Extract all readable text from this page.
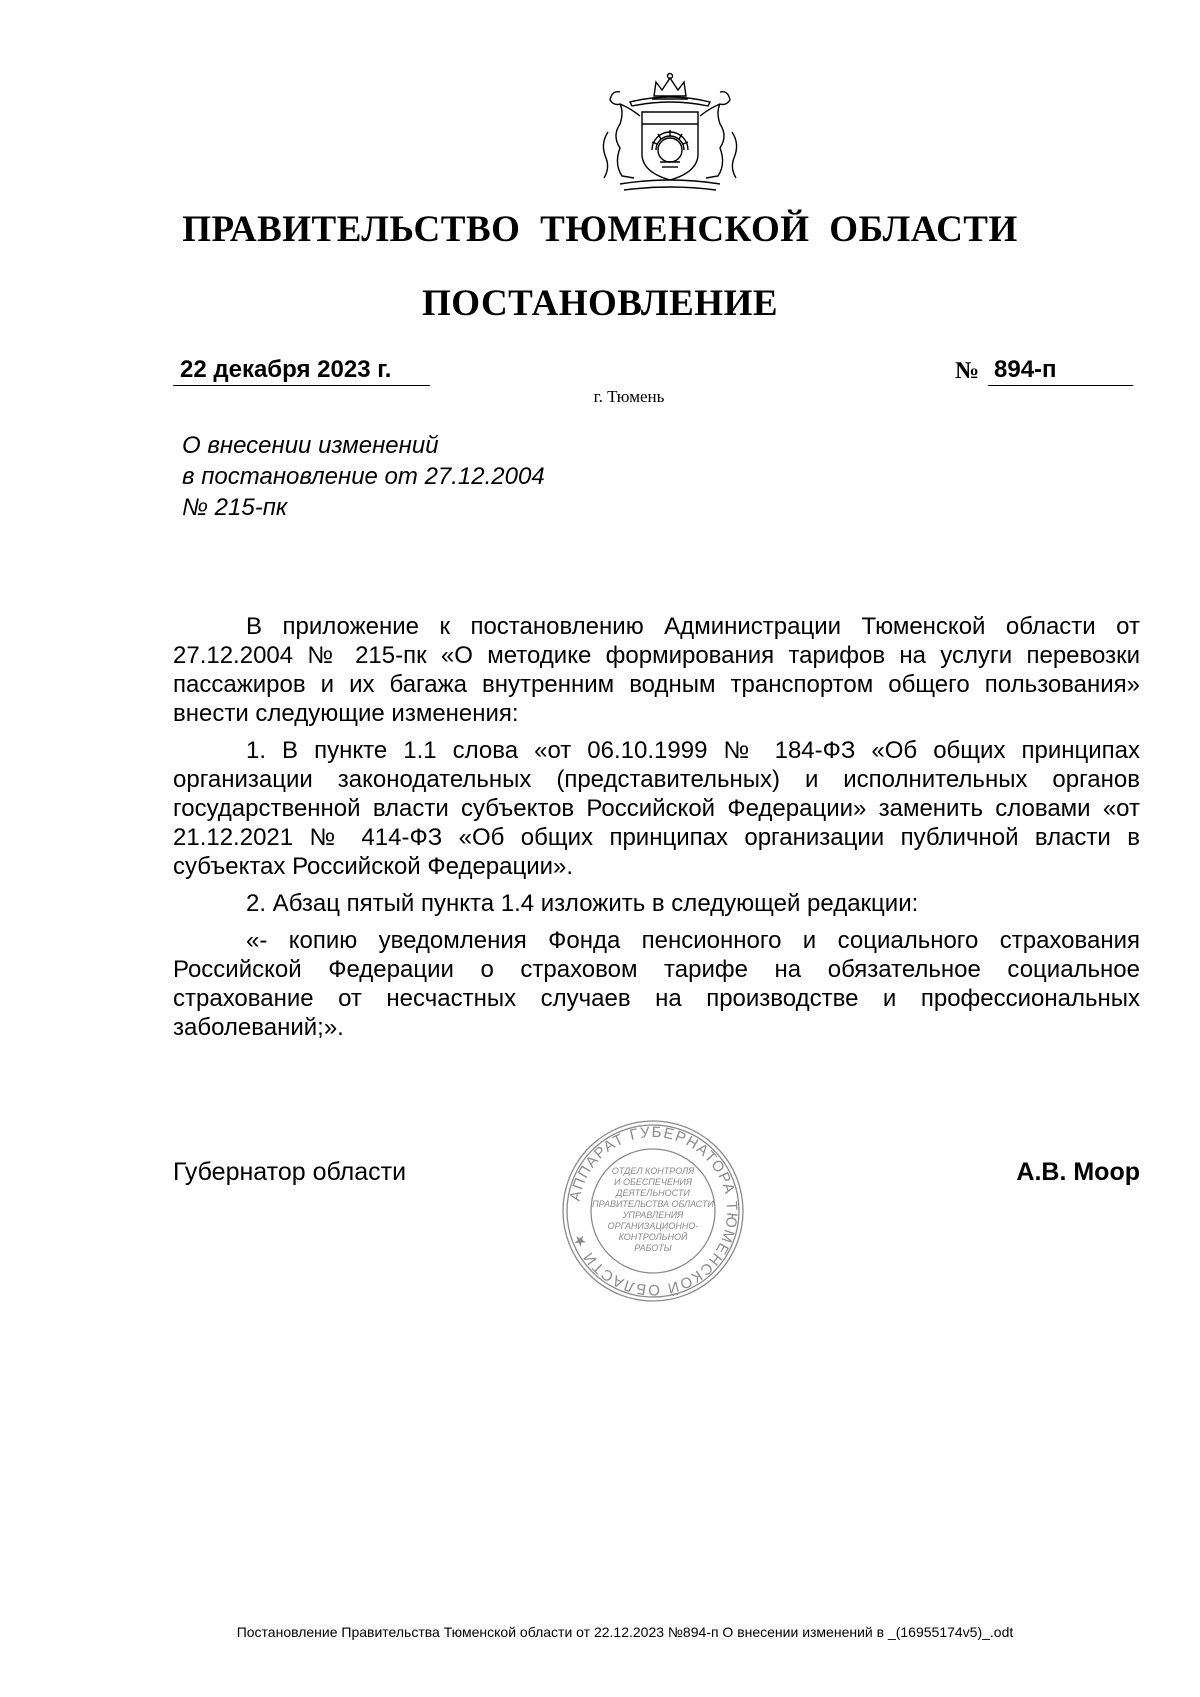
ПРАВИТЕЛЬСТВО ТЮМЕНСКОЙ ОБЛАСТИ
ПОСТАНОВЛЕНИЕ
22 декабря 2023 г.	№ 894-п
г. Тюмень
О внесении изменений
в постановление от 27.12.2004
№ 215-пк

В приложение к постановлению Администрации Тюменской области от 27.12.2004 № 215-пк «О методике формирования тарифов на услуги перевозки пассажиров и их багажа внутренним водным транспортом общего пользования» внести следующие изменения:

1. В пункте 1.1 слова «от 06.10.1999 № 184-ФЗ «Об общих принципах организации законодательных (представительных) и исполнительных органов государственной власти субъектов Российской Федерации» заменить словами «от 21.12.2021 № 414-ФЗ «Об общих принципах организации публичной власти в субъектах Российской Федерации».

2. Абзац пятый пункта 1.4 изложить в следующей редакции:

«- копию уведомления Фонда пенсионного и социального страхования Российской Федерации о страховом тарифе на обязательное социальное страхование от несчастных случаев на производстве и профессиональных заболеваний;».

Губернатор области	А.В. Моор
АППАРАТ ГУБЕРНАТОРА ТЮМЕНСКОЙ ОБЛАСТИ ★
ОТДЕЛ КОНТРОЛЯ
И ОБЕСПЕЧЕНИЯ
ДЕЯТЕЛЬНОСТИ
ПРАВИТЕЛЬСТВА ОБЛАСТИ
УПРАВЛЕНИЯ
ОРГАНИЗАЦИОННО-
КОНТРОЛЬНОЙ
РАБОТЫ
Постановление Правительства Тюменской области от 22.12.2023 №894-п О внесении изменений в _(16955174v5)_.odt
